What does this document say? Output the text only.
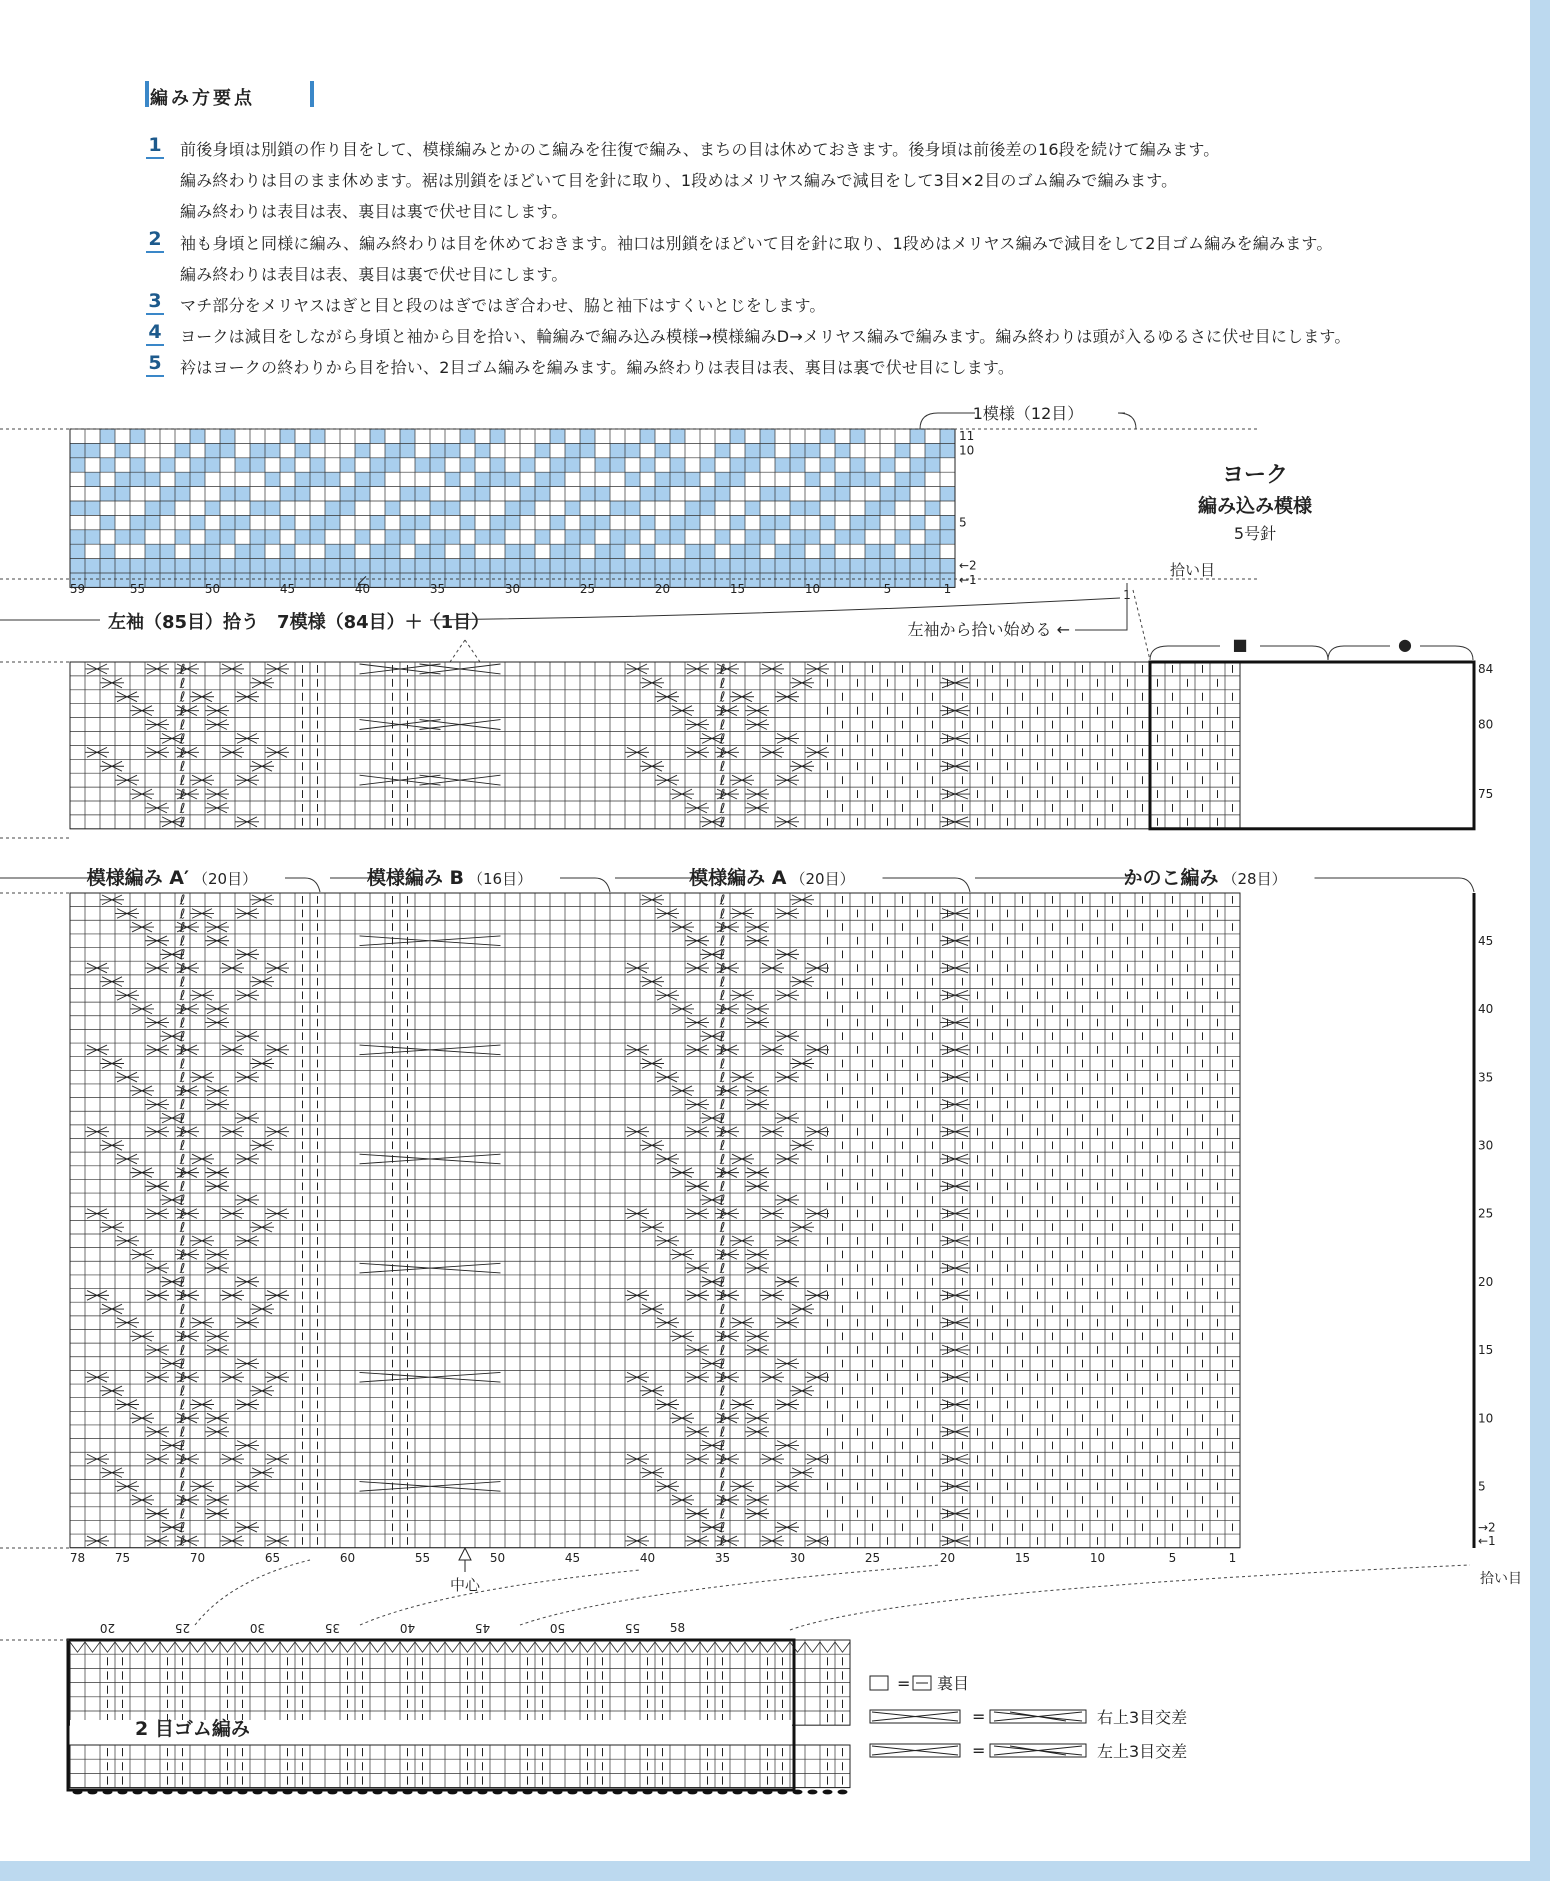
編み方要点
1 前後身頃は別鎖の作り目をして、模様編みとかのこ編みを往復で編み、まちの目は休めておきます。後身頃は前後差の16段を続けて編みます。
編み終わりは目のまま休めます。裾は別鎖をほどいて目を針に取り、1段めはメリヤス編みで減目をして3目×2目のゴム編みで編みます。
編み終わりは表目は表、裏目は裏で伏せ目にします。
2 袖も身頃と同様に編み、編み終わりは目を休めておきます。袖口は別鎖をほどいて目を針に取り、1段めはメリヤス編みで減目をして2目ゴム編みを編みます。
編み終わりは表目は表、裏目は裏で伏せ目にします。
3 マチ部分をメリヤスはぎと目と段のはぎではぎ合わせ、脇と袖下はすくいとじをします。
4 ヨークは減目をしながら身頃と袖から目を拾い、輪編みで編み込み模様→模様編みD→メリヤス編みで編みます。編み終わりは頭が入るゆるさに伏せ目にします。
5 衿はヨークの終わりから目を拾い、2目ゴム編みを編みます。編み終わりは表目は表、裏目は裏で伏せ目にします。
59	55	50	45	40	35	30	25	20	15	10	5	1
11
10
5
←2
←1
拾い目
1模様（12目）
ヨーク
編み込み模様
5号針
1
左袖（85目）拾う　7模様（84目）＋（1目）	左袖から拾い始める ←
ℓ
ℓ
ℓ
ℓ
ℓ
ℓ
ℓ
ℓ
ℓ
ℓ
ℓ
ℓ
ℓ
ℓ
ℓ
ℓ
ℓ
ℓ
ℓ
ℓ
ℓ
ℓ
ℓ
ℓ
84
80
75
■	●
模様編み A′ （20目）	模様編み B （16目）	模様編み A （20目）	かのこ編み （28目）
ℓ
ℓ
ℓ
ℓ
ℓ
ℓ
ℓ
ℓ
ℓ
ℓ
ℓ
ℓ
ℓ
ℓ
ℓ
ℓ
ℓ
ℓ
ℓ
ℓ
ℓ
ℓ
ℓ
ℓ
ℓ
ℓ
ℓ
ℓ
ℓ
ℓ
ℓ
ℓ
ℓ
ℓ
ℓ
ℓ
ℓ
ℓ
ℓ
ℓ
ℓ
ℓ
ℓ
ℓ
ℓ
ℓ
ℓ
ℓ
ℓ
ℓ
ℓ
ℓ
ℓ
ℓ
ℓ
ℓ
ℓ
ℓ
ℓ
ℓ
ℓ
ℓ
ℓ
ℓ
ℓ
ℓ
ℓ
ℓ
ℓ
ℓ
ℓ
ℓ
ℓ
ℓ
ℓ
ℓ
ℓ
ℓ
ℓ
ℓ
ℓ
ℓ
ℓ
ℓ
ℓ
ℓ
ℓ
ℓ
ℓ
ℓ
ℓ
ℓ
ℓ
ℓ
ℓ
ℓ
78 75	70	65	60	55	50	45	40	35	30	25	20	15	10	5	1
45
40
35
30
25
20
15
10
5
→2
←1
拾い目
中心
2 目ゴム編み
20	25	30	35	40	45	50	55 58
= 裏目
=	右上3目交差
=	左上3目交差
